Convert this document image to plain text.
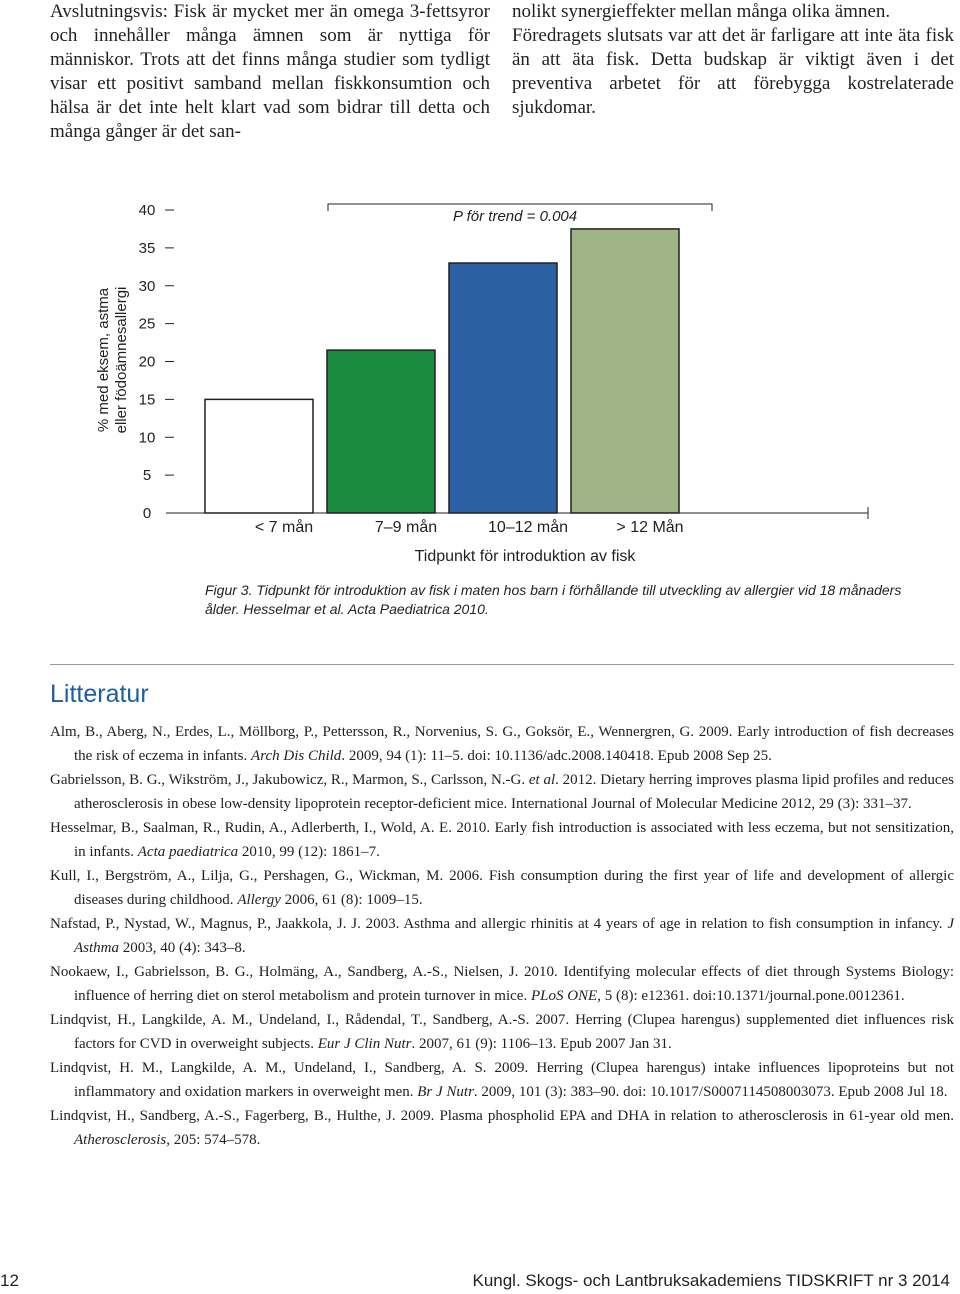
Avslutningsvis: Fisk är mycket mer än omega 3-fettsyror och innehåller många ämnen som är nyttiga för människor. Trots att det finns många studier som tydligt visar ett positivt samband mellan fiskkonsumtion och hälsa är det inte helt klart vad som bidrar till detta och många gånger är det san-

nolikt synergieffekter mellan många olika ämnen.

Föredragets slutsats var att det är farligare att inte äta fisk än att äta fisk. Detta budskap är viktigt även i det preventiva arbetet för att förebygga kostrelaterade sjukdomar.

0
5
10
15
20
25
30
35
40
< 7 mån	7–9 mån	10–12 mån	> 12 Mån
P för trend = 0.004
Tidpunkt för introduktion av fisk
% med eksem, astmaeller födoämnesallergi
Figur 3. Tidpunkt för introduktion av fisk i maten hos barn i förhållande till utveckling av allergier vid 18 månaders ålder. Hesselmar et al. Acta Paediatrica 2010.
Litteratur
Alm, B., Aberg, N., Erdes, L., Möllborg, P., Pettersson, R., Norvenius, S. G., Goksör, E., Wennergren, G. 2009. Early introduction of fish decreases the risk of eczema in infants. Arch Dis Child. 2009, 94 (1): 11–5. doi: 10.1136/adc.2008.140418. Epub 2008 Sep 25.
Gabrielsson, B. G., Wikström, J., Jakubowicz, R., Marmon, S., Carlsson, N.-G. et al. 2012. Dietary herring improves plasma lipid profiles and reduces atherosclerosis in obese low-density lipoprotein receptor-deficient mice. International Journal of Molecular Medicine 2012, 29 (3): 331–37.
Hesselmar, B., Saalman, R., Rudin, A., Adlerberth, I., Wold, A. E. 2010. Early fish introduction is associated with less eczema, but not sensitization, in infants. Acta paediatrica 2010, 99 (12): 1861–7.
Kull, I., Bergström, A., Lilja, G., Pershagen, G., Wickman, M. 2006. Fish consumption during the first year of life and development of allergic diseases during childhood. Allergy 2006, 61 (8): 1009–15.
Nafstad, P., Nystad, W., Magnus, P., Jaakkola, J. J. 2003. Asthma and allergic rhinitis at 4 years of age in relation to fish consumption in infancy. J Asthma 2003, 40 (4): 343–8.
Nookaew, I., Gabrielsson, B. G., Holmäng, A., Sandberg, A.-S., Nielsen, J. 2010. Identifying molecular effects of diet through Systems Biology: influence of herring diet on sterol metabolism and protein turnover in mice. PLoS ONE, 5 (8): e12361. doi:10.1371/journal.pone.0012361.
Lindqvist, H., Langkilde, A. M., Undeland, I., Rådendal, T., Sandberg, A.-S. 2007. Herring (Clupea harengus) supplemented diet influences risk factors for CVD in overweight subjects. Eur J Clin Nutr. 2007, 61 (9): 1106–13. Epub 2007 Jan 31.
Lindqvist, H. M., Langkilde, A. M., Undeland, I., Sandberg, A. S. 2009. Herring (Clupea harengus) intake influences lipoproteins but not inflammatory and oxidation markers in overweight men. Br J Nutr. 2009, 101 (3): 383–90. doi: 10.1017/S0007114508003073. Epub 2008 Jul 18.
Lindqvist, H., Sandberg, A.-S., Fagerberg, B., Hulthe, J. 2009. Plasma phospholid EPA and DHA in relation to atherosclerosis in 61-year old men. Atherosclerosis, 205: 574–578.
12	Kungl. Skogs- och Lantbruksakademiens TIDSKRIFT nr 3 2014
